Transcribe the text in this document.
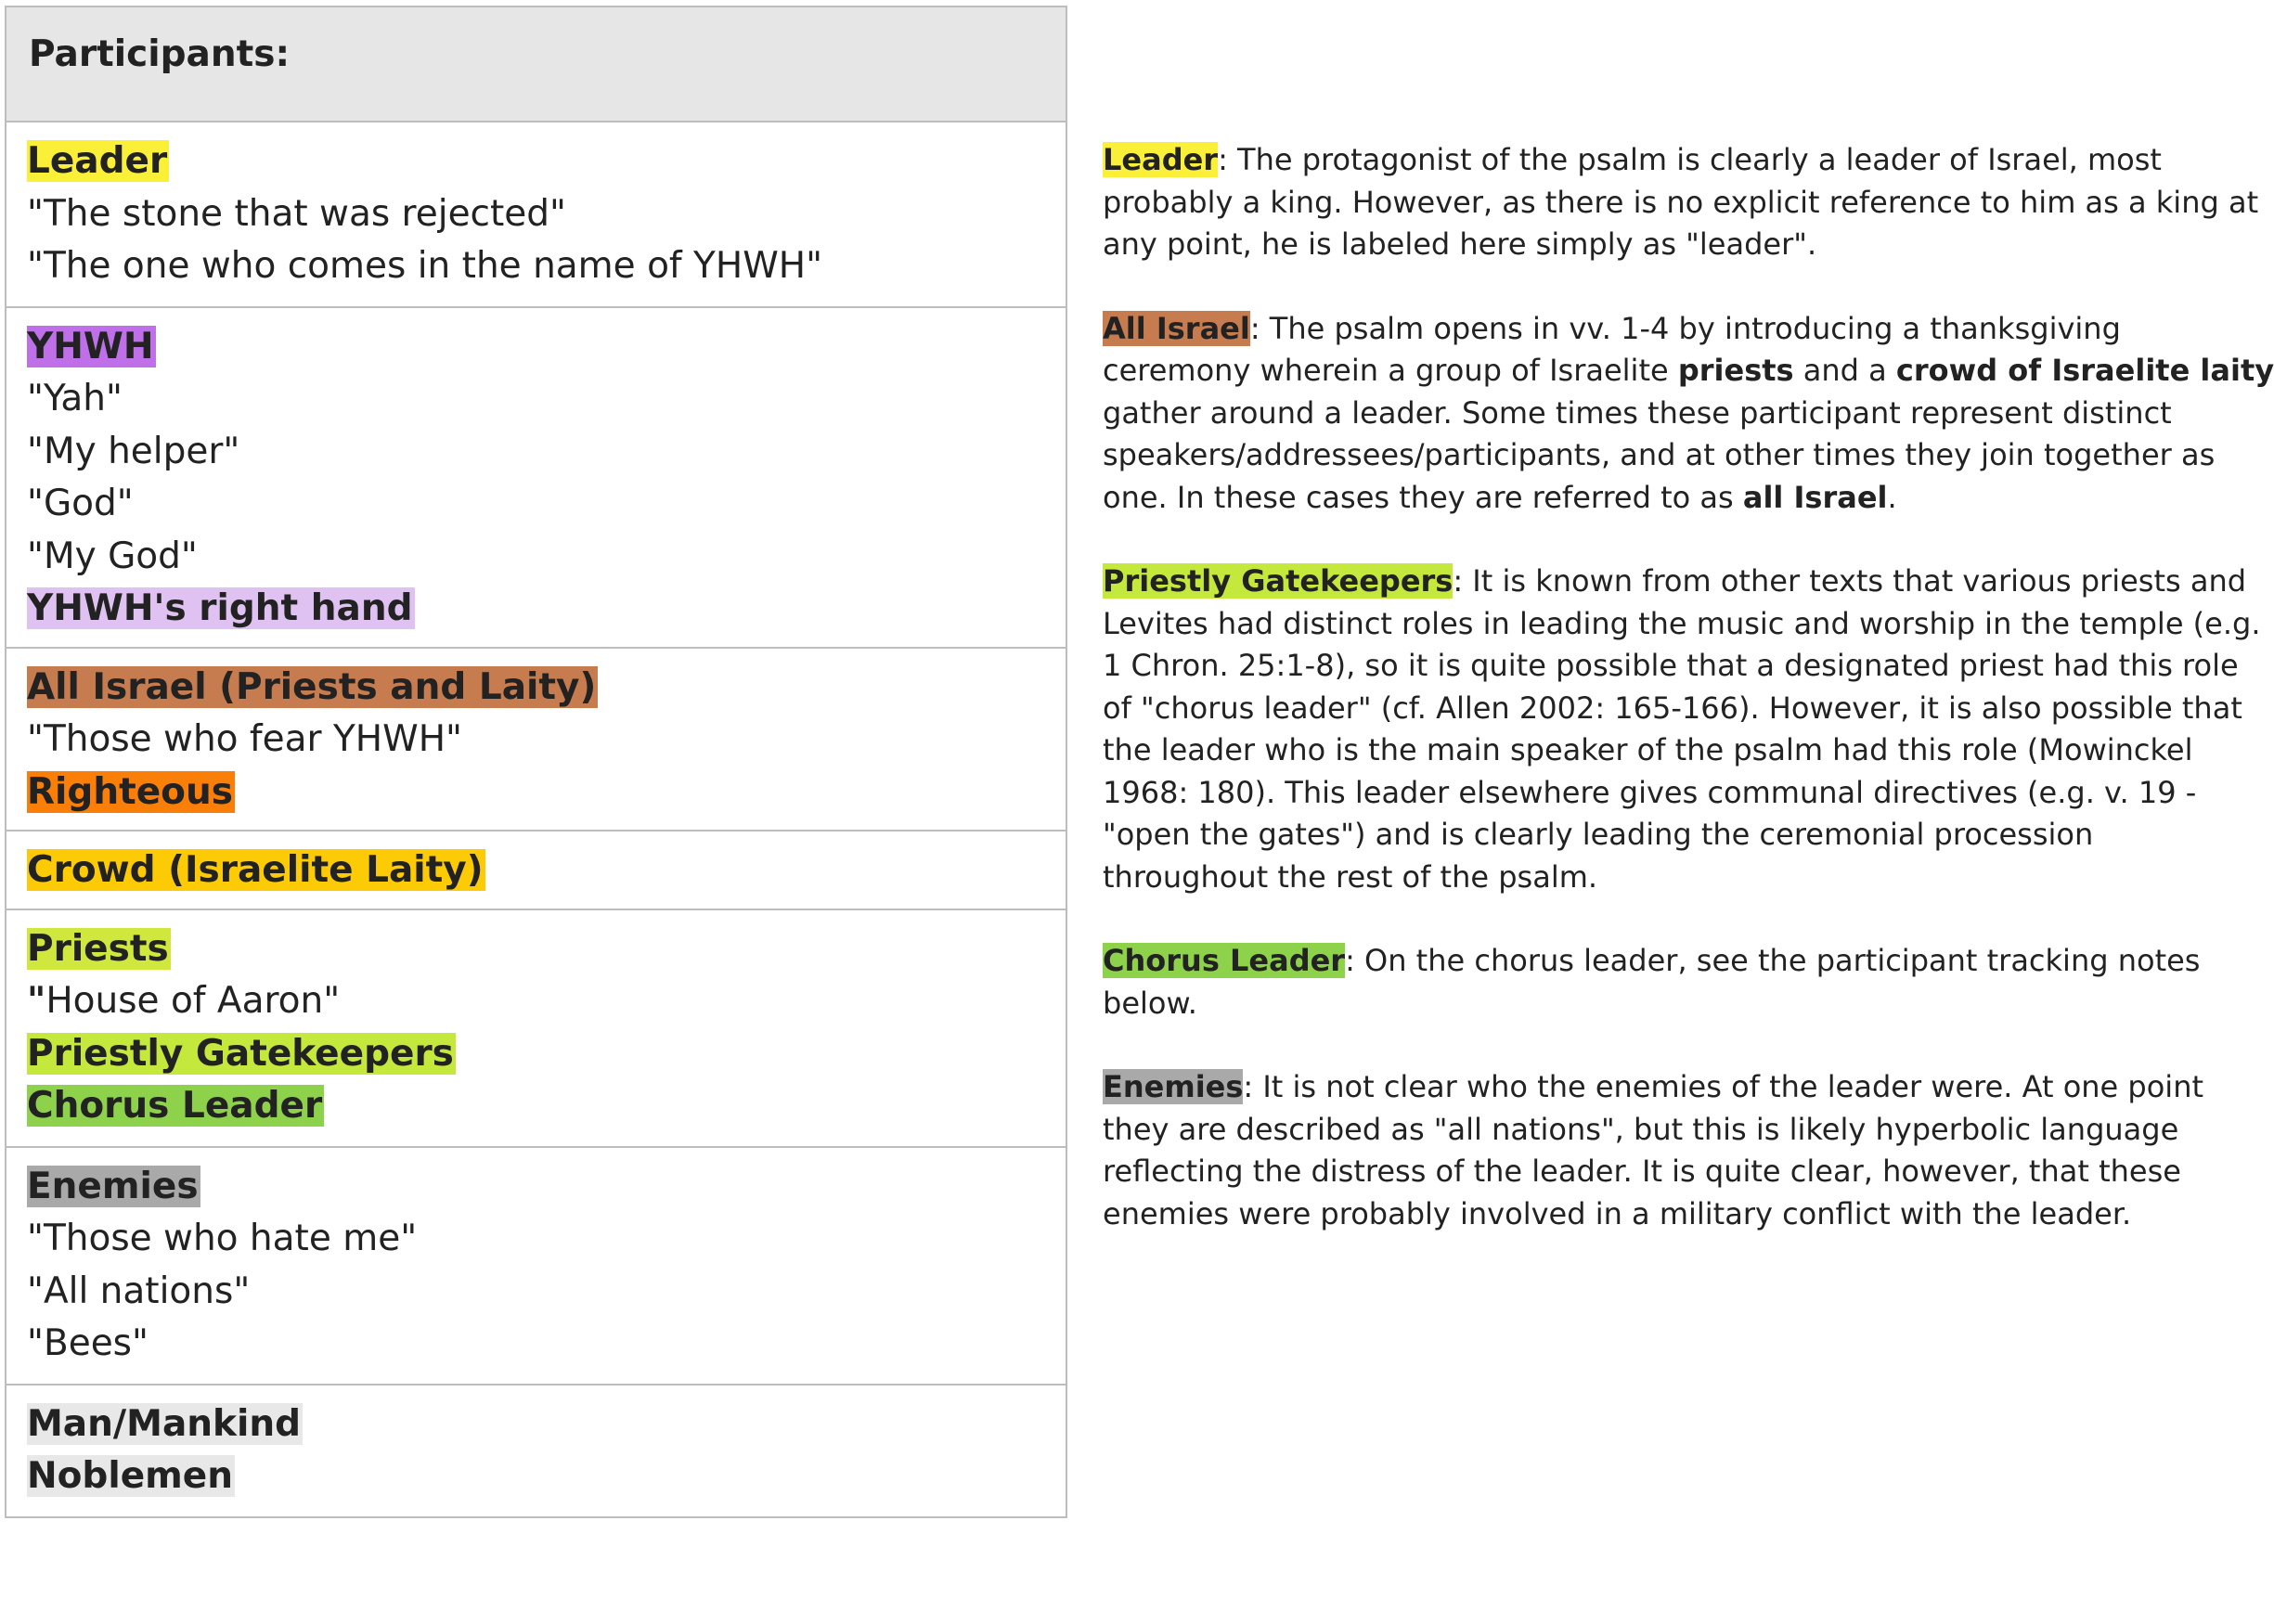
Participants:

Leader
"The stone that was rejected"
"The one who comes in the name of YHWH"

YHWH
"Yah"
"My helper"
"God"
"My God"
YHWH's right hand

All Israel (Priests and Laity)
"Those who fear YHWH"
Righteous

Crowd (Israelite Laity)

Priests
"House of Aaron"
Priestly Gatekeepers
Chorus Leader

Enemies
"Those who hate me"
"All nations"
"Bees"

Man/Mankind
Noblemen
Leader: The protagonist of the psalm is clearly a leader of Israel, most
probably a king. However, as there is no explicit reference to him as a king at
any point, he is labeled here simply as "leader".
All Israel: The psalm opens in vv. 1-4 by introducing a thanksgiving
ceremony wherein a group of Israelite priests and a crowd of Israelite laity
gather around a leader. Some times these participant represent distinct
speakers/addressees/participants, and at other times they join together as
one. In these cases they are referred to as all Israel.
Priestly Gatekeepers: It is known from other texts that various priests and
Levites had distinct roles in leading the music and worship in the temple (e.g.
1 Chron. 25:1-8), so it is quite possible that a designated priest had this role
of "chorus leader" (cf. Allen 2002: 165-166). However, it is also possible that
the leader who is the main speaker of the psalm had this role (Mowinckel
1968: 180). This leader elsewhere gives communal directives (e.g. v. 19 -
"open the gates") and is clearly leading the ceremonial procession
throughout the rest of the psalm.
Chorus Leader: On the chorus leader, see the participant tracking notes
below.
Enemies: It is not clear who the enemies of the leader were. At one point
they are described as "all nations", but this is likely hyperbolic language
reflecting the distress of the leader. It is quite clear, however, that these
enemies were probably involved in a military conflict with the leader.
